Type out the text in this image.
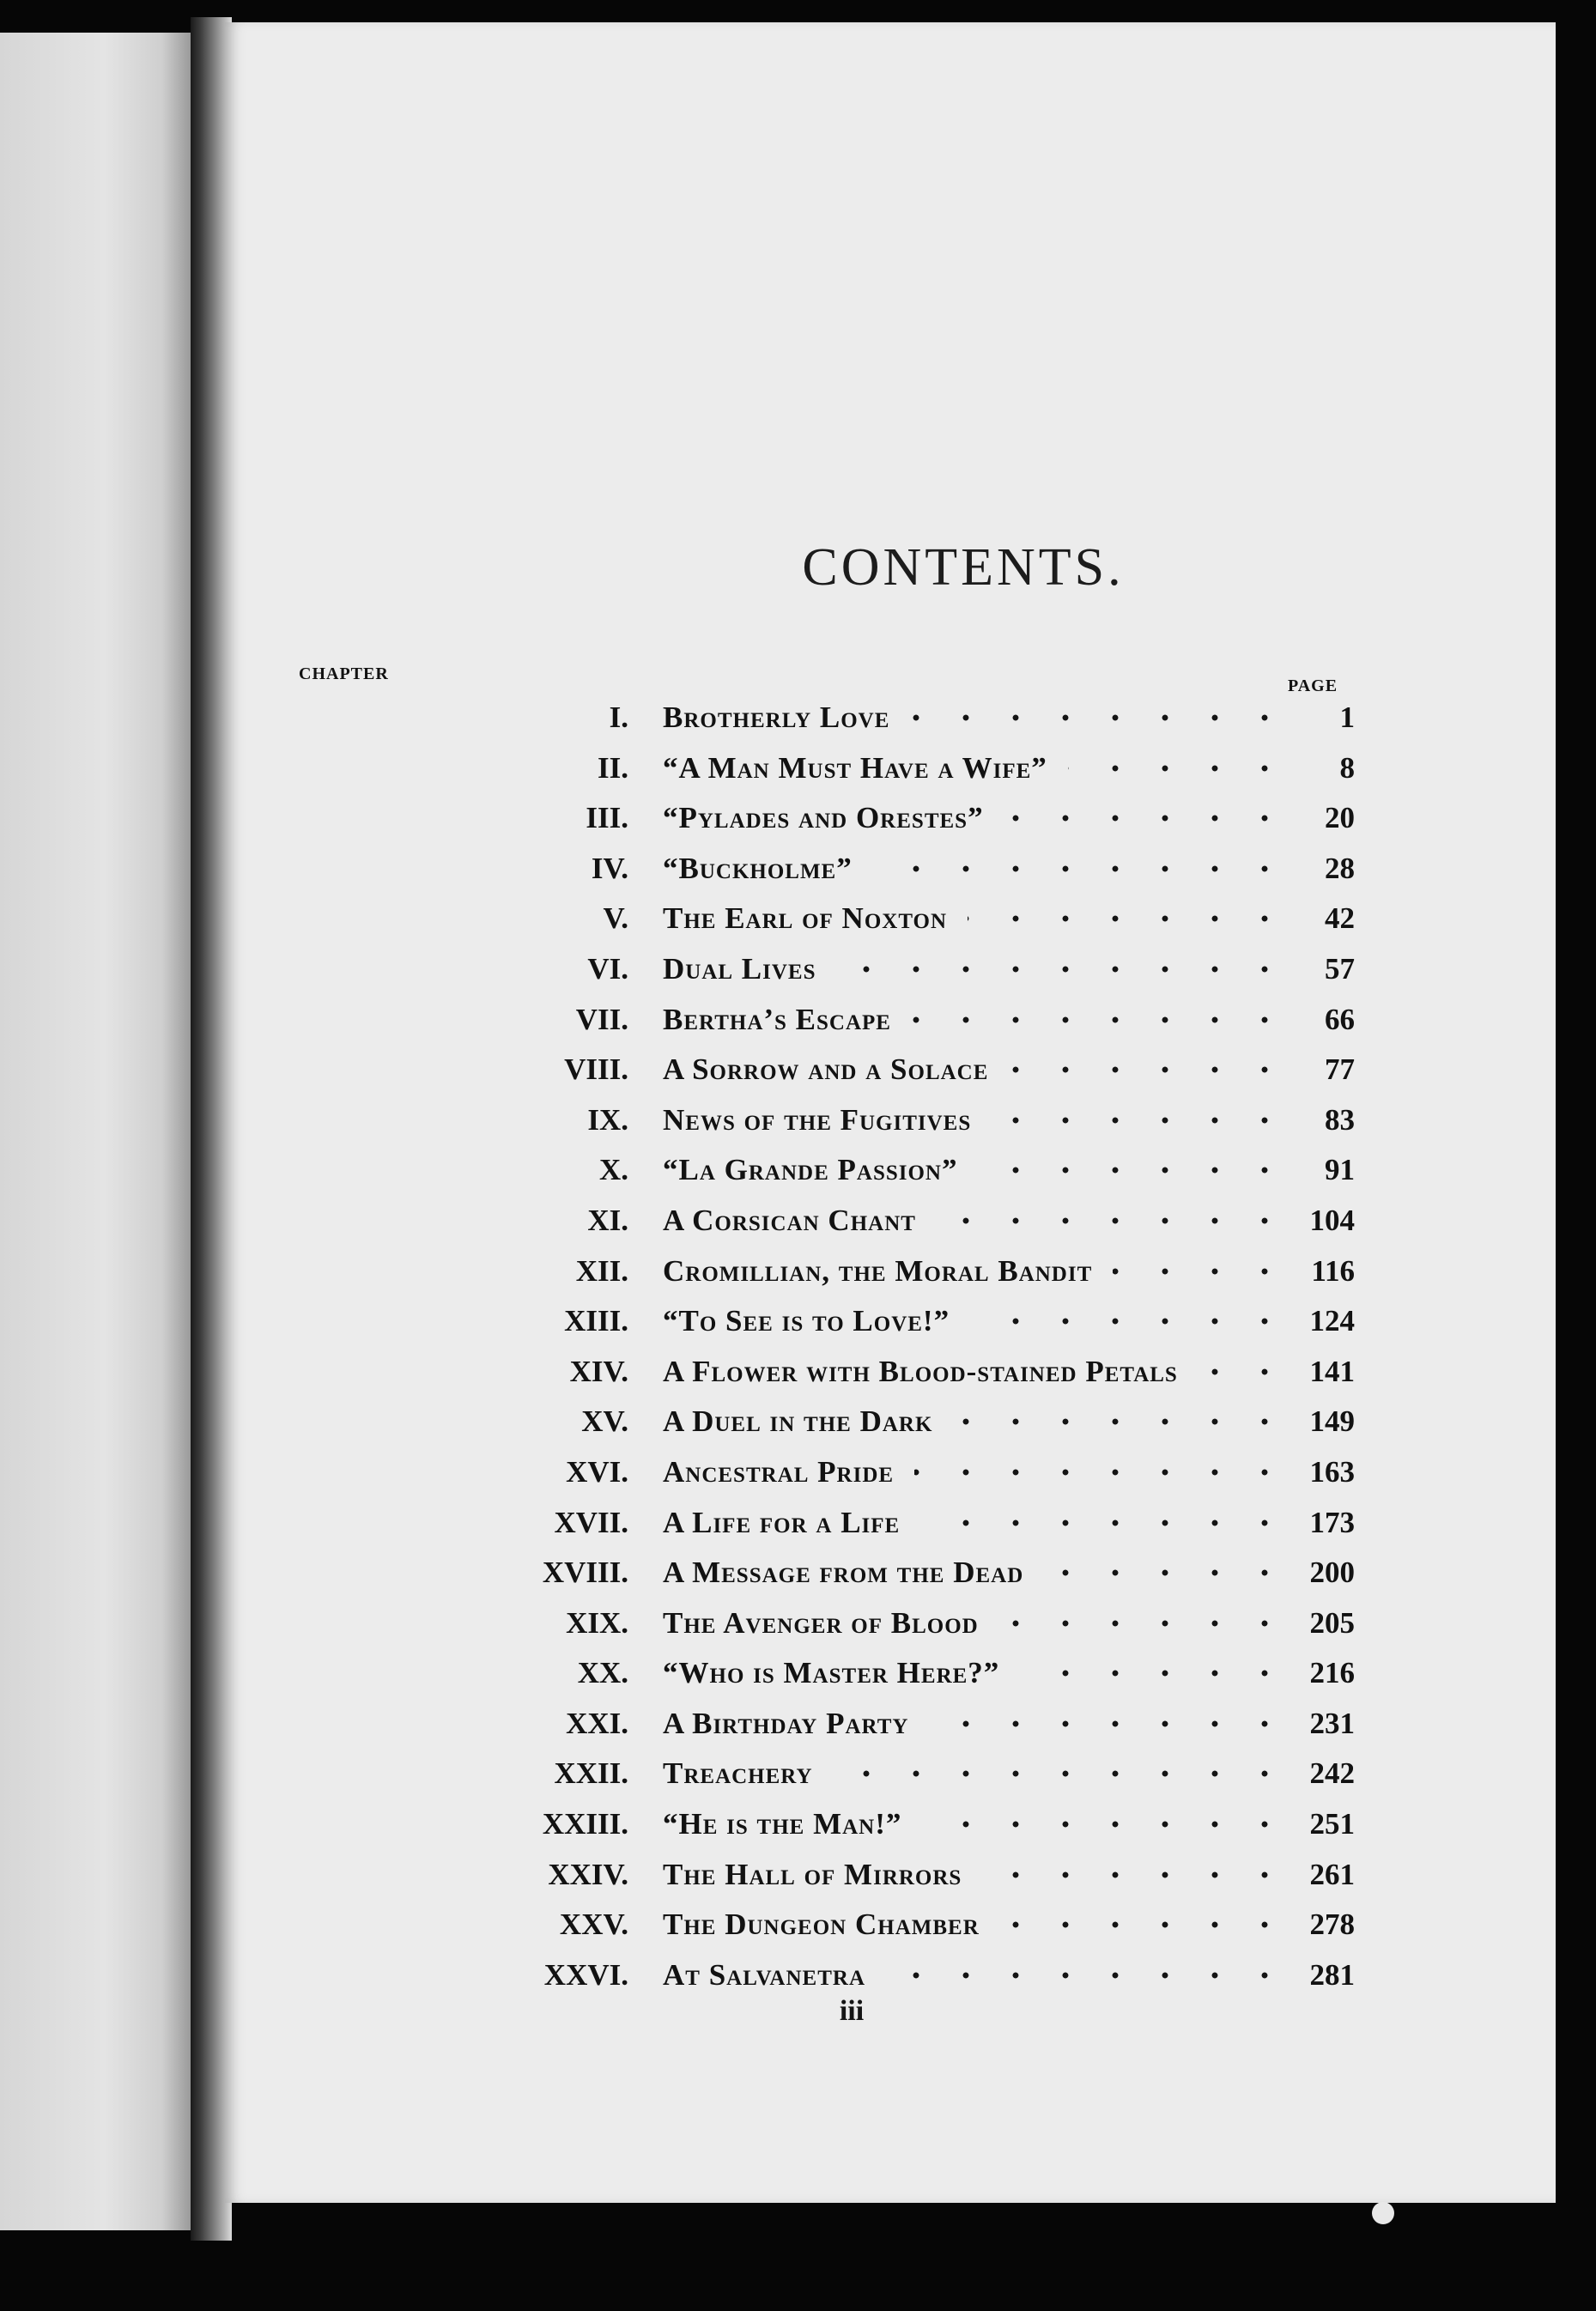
CONTENTS.
CHAPTER
PAGE
I. Brotherly Love	1
II. “A Man Must Have a Wife”	8
III. “Pylades and Orestes”	20
IV. “Buckholme”	28
V. The Earl of Noxton	42
VI. Dual Lives	57
VII. Bertha’s Escape	66
VIII. A Sorrow and a Solace	77
IX. News of the Fugitives	83
X. “La Grande Passion”	91
XI. A Corsican Chant	104
XII. Cromillian, the Moral Bandit	116
XIII. “To See is to Love!”	124
XIV. A Flower with Blood-stained Petals	141
XV. A Duel in the Dark	149
XVI. Ancestral Pride	163
XVII. A Life for a Life	173
XVIII. A Message from the Dead	200
XIX. The Avenger of Blood	205
XX. “Who is Master Here?”	216
XXI. A Birthday Party	231
XXII. Treachery	242
XXIII. “He is the Man!”	251
XXIV. The Hall of Mirrors	261
XXV. The Dungeon Chamber	278
XXVI. At Salvanetra	281
iii
